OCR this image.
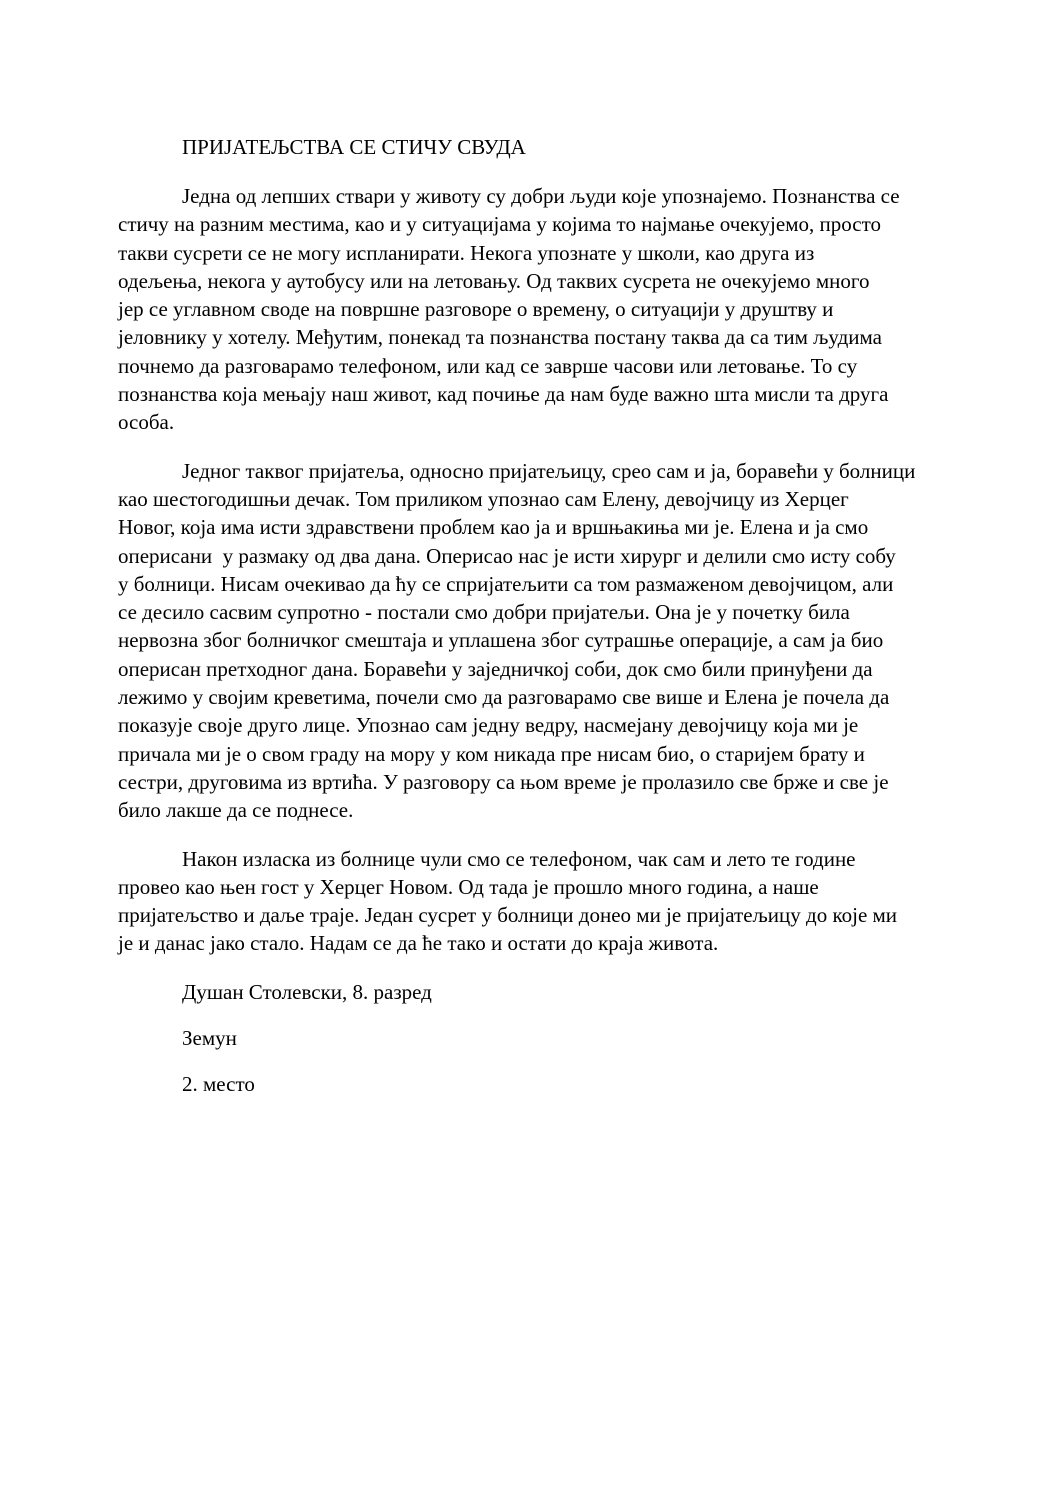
ПРИЈАТЕЉСТВА СЕ СТИЧУ СВУДА
Једна од лепших ствари у животу су добри људи које упознајемо. Познанства се
стичу на разним местима, као и у ситуацијама у којима то најмање очекујемо, просто
такви сусрети се не могу испланирати. Некога упознате у школи, као друга из
одељења, некога у аутобусу или на летовању. Од таквих сусрета не очекујемо много
јер се углавном своде на површне разговоре о времену, о ситуацији у друштву и
јеловнику у хотелу. Међутим, понекад та познанства постану таква да са тим људима
почнемо да разговарамо телефоном, или кад се заврше часови или летовање. То су
познанства која мењају наш живот, кад почиње да нам буде важно шта мисли та друга
особа.
Једног таквог пријатеља, односно пријатељицу, срео сам и ја, боравећи у болници
као шестогодишњи дечак. Том приликом упознао сам Елену, девојчицу из Херцег
Новог, која има исти здравствени проблем као ја и вршњакиња ми је. Елена и ја смо
оперисани  у размаку од два дана. Оперисао нас је исти хирург и делили смо исту собу
у болници. Нисам очекивао да ћу се спријатељити са том размаженом девојчицом, али
се десило сасвим супротно - постали смо добри пријатељи. Она је у почетку била
нервозна због болничког смештаја и уплашена због сутрашње операције, а сам ја био
оперисан претходног дана. Боравећи у заједничкој соби, док смо били принуђени да
лежимо у својим креветима, почели смо да разговарамо све више и Елена је почела да
показује своје друго лице. Упознао сам једну ведру, насмејану девојчицу која ми је
причала ми је о свом граду на мору у ком никада пре нисам био, о старијем брату и
сестри, друговима из вртића. У разговору са њом време је пролазило све брже и све је
било лакше да се поднесе.
Након изласка из болнице чули смо се телефоном, чак сам и лето те године
провео као њен гост у Херцег Новом. Од тада је прошло много година, а наше
пријатељство и даље траје. Један сусрет у болници донео ми је пријатељицу до које ми
је и данас јако стало. Надам се да ће тако и остати до краја живота.
Душан Столевски, 8. разред
Земун
2. место
